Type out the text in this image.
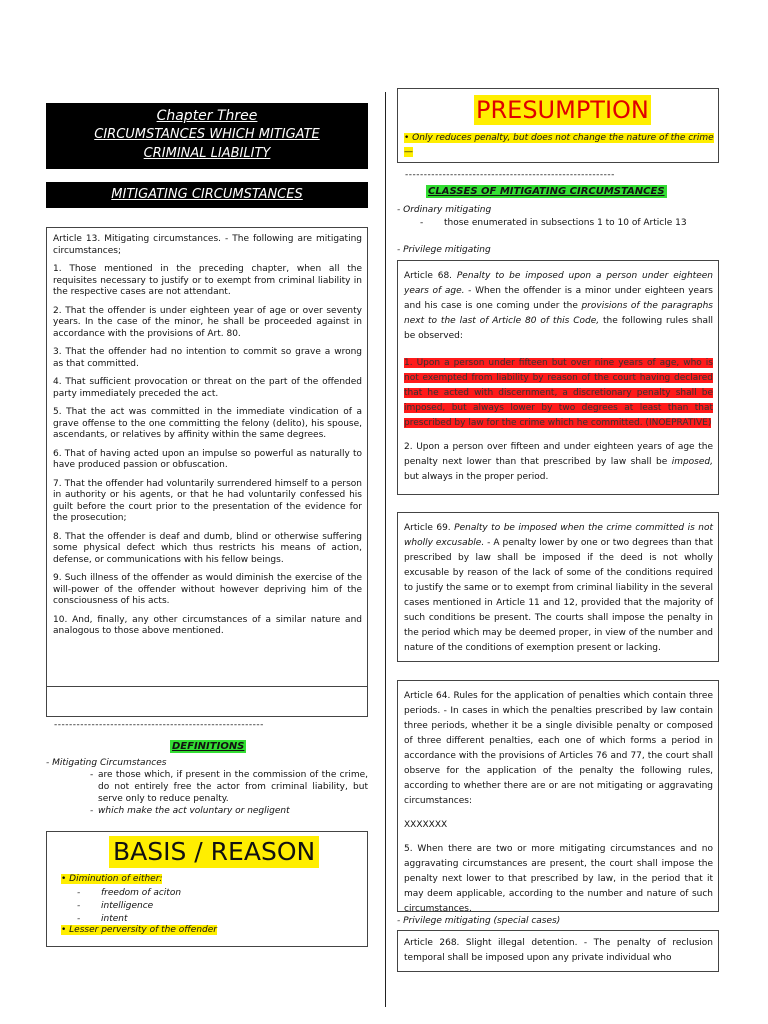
Chapter Three
CIRCUMSTANCES WHICH MITIGATE
CRIMINAL LIABILITY
MITIGATING CIRCUMSTANCES

Article 13. Mitigating circumstances. - The following are mitigating circumstances;

1. Those mentioned in the preceding chapter, when all the requisites necessary to justify or to exempt from criminal liability in the respective cases are not attendant.

2. That the offender is under eighteen year of age or over seventy years. In the case of the minor, he shall be proceeded against in accordance with the provisions of Art. 80.

3. That the offender had no intention to commit so grave a wrong as that committed.

4. That sufficient provocation or threat on the part of the offended party immediately preceded the act.

5. That the act was committed in the immediate vindication of a grave offense to the one committing the felony (delito), his spouse, ascendants, or relatives by affinity within the same degrees.

6. That of having acted upon an impulse so powerful as naturally to have produced passion or obfuscation.

7. That the offender had voluntarily surrendered himself to a person in authority or his agents, or that he had voluntarily confessed his guilt before the court prior to the presentation of the evidence for the prosecution;

8. That the offender is deaf and dumb, blind or otherwise suffering some physical defect which thus restricts his means of action, defense, or communications with his fellow beings.

9. Such illness of the offender as would diminish the exercise of the will-power of the offender without however depriving him of the consciousness of his acts.

10. And, finally, any other circumstances of a similar nature and analogous to those above mentioned.

--------------------------------------------------------
DEFINITIONS
- Mitigating Circumstances
- are those which, if present in the commission of the crime, do not entirely free the actor from criminal liability, but serve only to reduce penalty.
- which make the act voluntary or negligent
BASIS / REASON
• Diminution of either:
- freedom of aciton
- intelligence
- intent
• Lesser perversity of the offender
PRESUMPTION
• Only reduces penalty, but does not change the nature of the crime —
--------------------------------------------------------
CLASSES OF MITIGATING CIRCUMSTANCES
- Ordinary mitigating
- those enumerated in subsections 1 to 10 of Article 13
- Privilege mitigating

Article 68. Penalty to be imposed upon a person under eighteen years of age. - When the offender is a minor under eighteen years and his case is one coming under the provisions of the paragraphs next to the last of Article 80 of this Code, the following rules shall be observed:

1. Upon a person under fifteen but over nine years of age, who is not exempted from liability by reason of the court having declared that he acted with discernment, a discretionary penalty shall be imposed, but always lower by two degrees at least than that prescribed by law for the crime which he committed. (INOEPRATIVE)

2. Upon a person over fifteen and under eighteen years of age the penalty next lower than that prescribed by law shall be imposed, but always in the proper period.

Article 69. Penalty to be imposed when the crime committed is not wholly excusable. - A penalty lower by one or two degrees than that prescribed by law shall be imposed if the deed is not wholly excusable by reason of the lack of some of the conditions required to justify the same or to exempt from criminal liability in the several cases mentioned in Article 11 and 12, provided that the majority of such conditions be present. The courts shall impose the penalty in the period which may be deemed proper, in view of the number and nature of the conditions of exemption present or lacking.

Article 64. Rules for the application of penalties which contain three periods. - In cases in which the penalties prescribed by law contain three periods, whether it be a single divisible penalty or composed of three different penalties, each one of which forms a period in accordance with the provisions of Articles 76 and 77, the court shall observe for the application of the penalty the following rules, according to whether there are or are not mitigating or aggravating circumstances:

XXXXXXX

5. When there are two or more mitigating circumstances and no aggravating circumstances are present, the court shall impose the penalty next lower to that prescribed by law, in the period that it may deem applicable, according to the number and nature of such circumstances.

- Privilege mitigating (special cases)

Article 268. Slight illegal detention. - The penalty of reclusion temporal shall be imposed upon any private individual who
